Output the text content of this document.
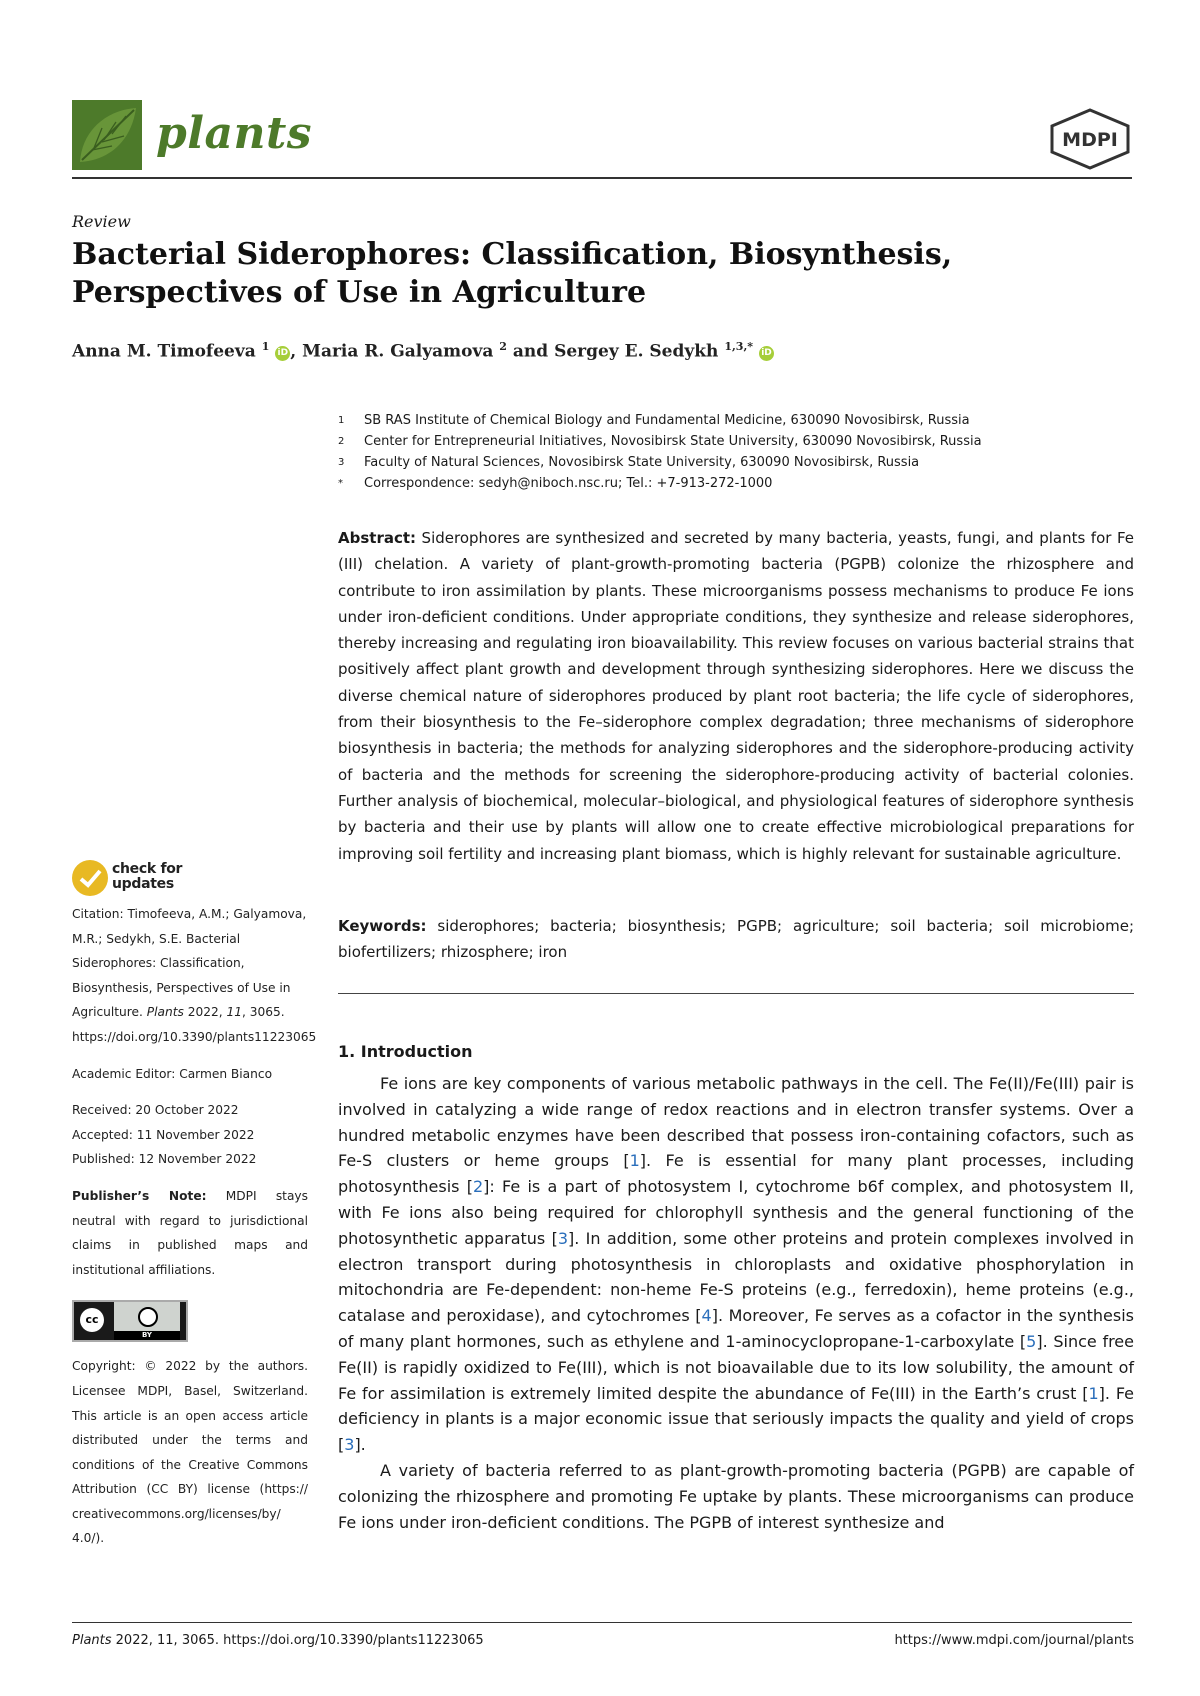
plants	MDPI
Review
Bacterial Siderophores: Classification, Biosynthesis,
Perspectives of Use in Agriculture
Anna M. Timofeeva $^1$ iD , Maria R. Galyamova $^2$ and Sergey E. Sedykh $^{1,3,*}$ iD
1	SB RAS Institute of Chemical Biology and Fundamental Medicine, 630090 Novosibirsk, Russia
2	Center for Entrepreneurial Initiatives, Novosibirsk State University, 630090 Novosibirsk, Russia
3	Faculty of Natural Sciences, Novosibirsk State University, 630090 Novosibirsk, Russia
*	Correspondence: sedyh@niboch.nsc.ru; Tel.: +7-913-272-1000
Abstract: Siderophores are synthesized and secreted by many bacteria, yeasts, fungi, and plants for Fe (III) chelation. A variety of plant-growth-promoting bacteria (PGPB) colonize the rhizosphere and contribute to iron assimilation by plants. These microorganisms possess mechanisms to produce Fe ions under iron-deficient conditions. Under appropriate conditions, they synthesize and release siderophores, thereby increasing and regulating iron bioavailability. This review focuses on various bacterial strains that positively affect plant growth and development through synthesizing siderophores. Here we discuss the diverse chemical nature of siderophores produced by plant root bacteria; the life cycle of siderophores, from their biosynthesis to the Fe–siderophore complex degradation; three mechanisms of siderophore biosynthesis in bacteria; the methods for analyzing siderophores and the siderophore-producing activity of bacteria and the methods for screening the siderophore-producing activity of bacterial colonies. Further analysis of biochemical, molecular–biological, and physiological features of siderophore synthesis by bacteria and their use by plants will allow one to create effective microbiological preparations for improving soil fertility and increasing plant biomass, which is highly relevant for sustainable agriculture.
Keywords: siderophores; bacteria; biosynthesis; PGPB; agriculture; soil bacteria; soil microbiome; biofertilizers; rhizosphere; iron
1. Introduction

Fe ions are key components of various metabolic pathways in the cell. The Fe(II)/Fe(III) pair is involved in catalyzing a wide range of redox reactions and in electron transfer systems. Over a hundred metabolic enzymes have been described that possess iron-containing cofactors, such as Fe-S clusters or heme groups [1]. Fe is essential for many plant processes, including photosynthesis [2]: Fe is a part of photosystem I, cytochrome b6f complex, and photosystem II, with Fe ions also being required for chlorophyll synthesis and the general functioning of the photosynthetic apparatus [3]. In addition, some other proteins and protein complexes involved in electron transport during photosynthesis in chloroplasts and oxidative phosphorylation in mitochondria are Fe-dependent: non-heme Fe-S proteins (e.g., ferredoxin), heme proteins (e.g., catalase and peroxidase), and cytochromes [4]. Moreover, Fe serves as a cofactor in the synthesis of many plant hormones, such as ethylene and 1-aminocyclopropane-1-carboxylate [5]. Since free Fe(II) is rapidly oxidized to Fe(III), which is not bioavailable due to its low solubility, the amount of Fe for assimilation is extremely limited despite the abundance of Fe(III) in the Earth’s crust [1]. Fe deficiency in plants is a major economic issue that seriously impacts the quality and yield of crops [3].

A variety of bacteria referred to as plant-growth-promoting bacteria (PGPB) are capable of colonizing the rhizosphere and promoting Fe uptake by plants. These microorganisms can produce Fe ions under iron-deficient conditions. The PGPB of interest synthesize and

check for
updates
Citation: Timofeeva, A.M.; Galyamova, M.R.; Sedykh, S.E. Bacterial Siderophores: Classification, Biosynthesis, Perspectives of Use in Agriculture. Plants 2022, 11, 3065. https://doi.org/10.3390/plants11223065
Academic Editor: Carmen Bianco
Received: 20 October 2022
Accepted: 11 November 2022
Published: 12 November 2022
Publisher’s Note: MDPI stays neutral with regard to jurisdictional claims in published maps and institutional affiliations.
cc
BY
Copyright: © 2022 by the authors. Licensee MDPI, Basel, Switzerland. This article is an open access article distributed under the terms and conditions of the Creative Commons Attribution (CC BY) license (https:// creativecommons.org/licenses/by/ 4.0/).
Plants 2022, 11, 3065. https://doi.org/10.3390/plants11223065	https://www.mdpi.com/journal/plants
